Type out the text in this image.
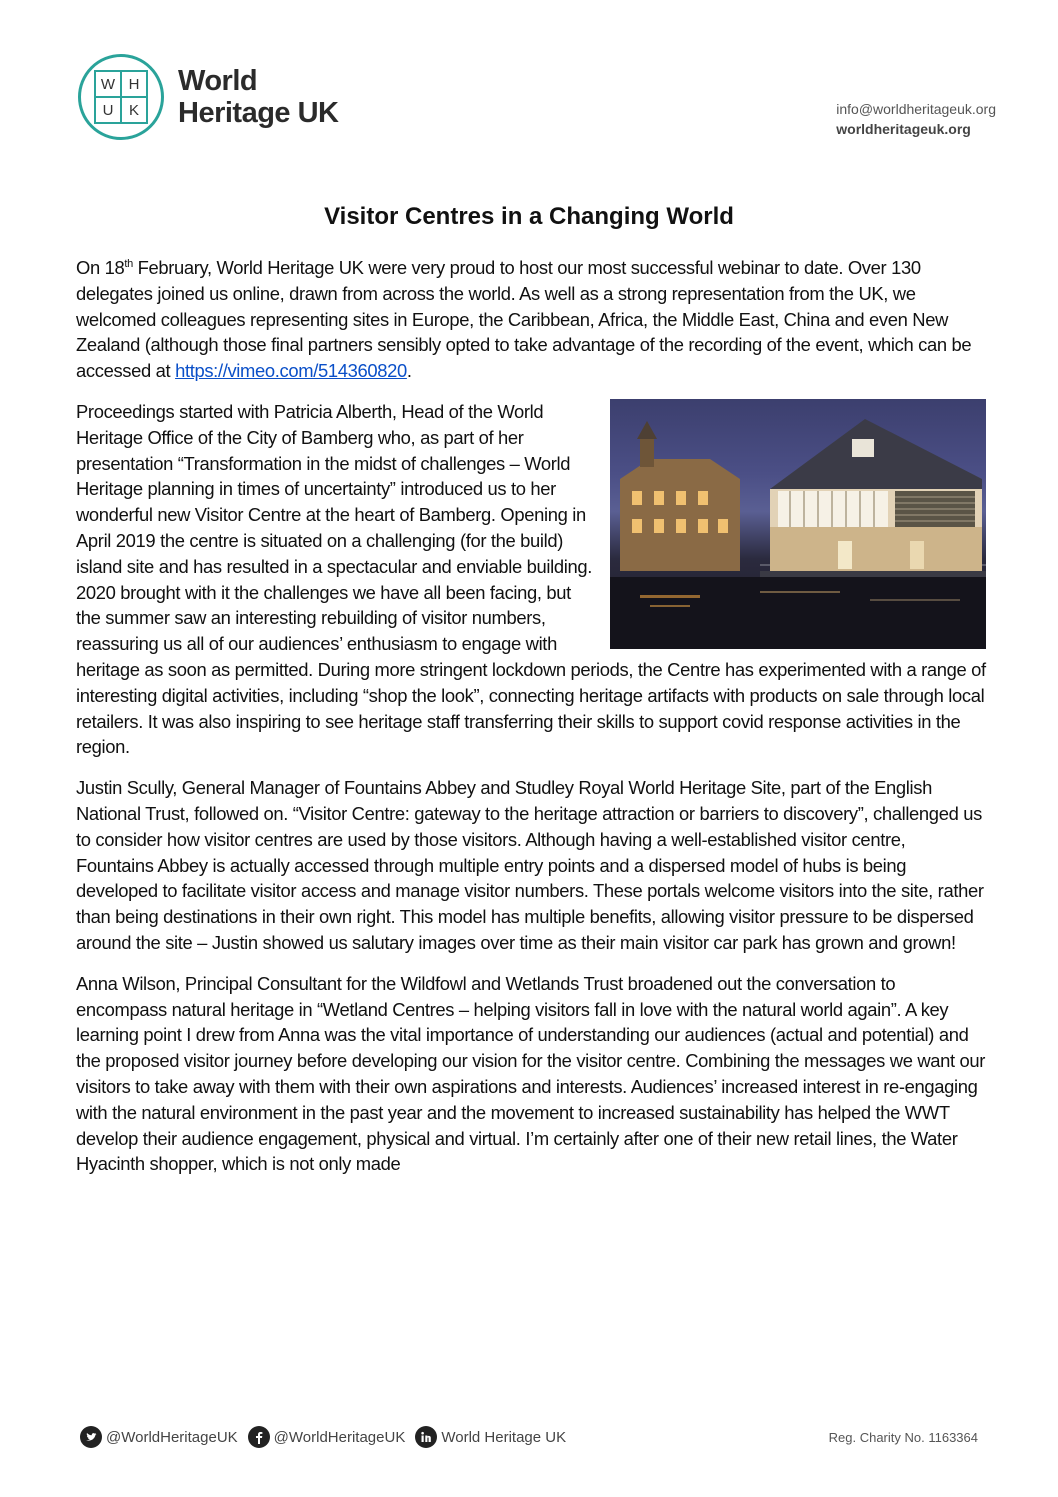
W H
U	K
World
Heritage UK	info@worldheritageuk.org
worldheritageuk.org
Visitor Centres in a Changing World

On 18th February, World Heritage UK were very proud to host our most successful webinar to date. Over 130 delegates joined us online, drawn from across the world. As well as a strong representation from the UK, we welcomed colleagues representing sites in Europe, the Caribbean, Africa, the Middle East, China and even New Zealand (although those final partners sensibly opted to take advantage of the recording of the event, which can be accessed at https://vimeo.com/514360820.

Proceedings started with Patricia Alberth, Head of the World Heritage Office of the City of Bamberg who, as part of her presentation “Transformation in the midst of challenges – World Heritage planning in times of uncertainty” introduced us to her wonderful new Visitor Centre at the heart of Bamberg. Opening in April 2019 the centre is situated on a challenging (for the build) island site and has resulted in a spectacular and enviable building. 2020 brought with it the challenges we have all been facing, but the summer saw an interesting rebuilding of visitor numbers, reassuring us all of our audiences’ enthusiasm to engage with heritage as soon as permitted. During more stringent lockdown periods, the Centre has experimented with a range of interesting digital activities, including “shop the look”, connecting heritage artifacts with products on sale through local retailers. It was also inspiring to see heritage staff transferring their skills to support covid response activities in the region.

Justin Scully, General Manager of Fountains Abbey and Studley Royal World Heritage Site, part of the English National Trust, followed on. “Visitor Centre: gateway to the heritage attraction or barriers to discovery”, challenged us to consider how visitor centres are used by those visitors. Although having a well-established visitor centre, Fountains Abbey is actually accessed through multiple entry points and a dispersed model of hubs is being developed to facilitate visitor access and manage visitor numbers. These portals welcome visitors into the site, rather than being destinations in their own right. This model has multiple benefits, allowing visitor pressure to be dispersed around the site – Justin showed us salutary images over time as their main visitor car park has grown and grown!

Anna Wilson, Principal Consultant for the Wildfowl and Wetlands Trust broadened out the conversation to encompass natural heritage in “Wetland Centres – helping visitors fall in love with the natural world again”. A key learning point I drew from Anna was the vital importance of understanding our audiences (actual and potential) and the proposed visitor journey before developing our vision for the visitor centre. Combining the messages we want our visitors to take away with them with their own aspirations and interests. Audiences’ increased interest in re-engaging with the natural environment in the past year and the movement to increased sustainability has helped the WWT develop their audience engagement, physical and virtual. I’m certainly after one of their new retail lines, the Water Hyacinth shopper, which is not only made

@WorldHeritageUK @WorldHeritageUK World Heritage UK	Reg. Charity No. 1163364
